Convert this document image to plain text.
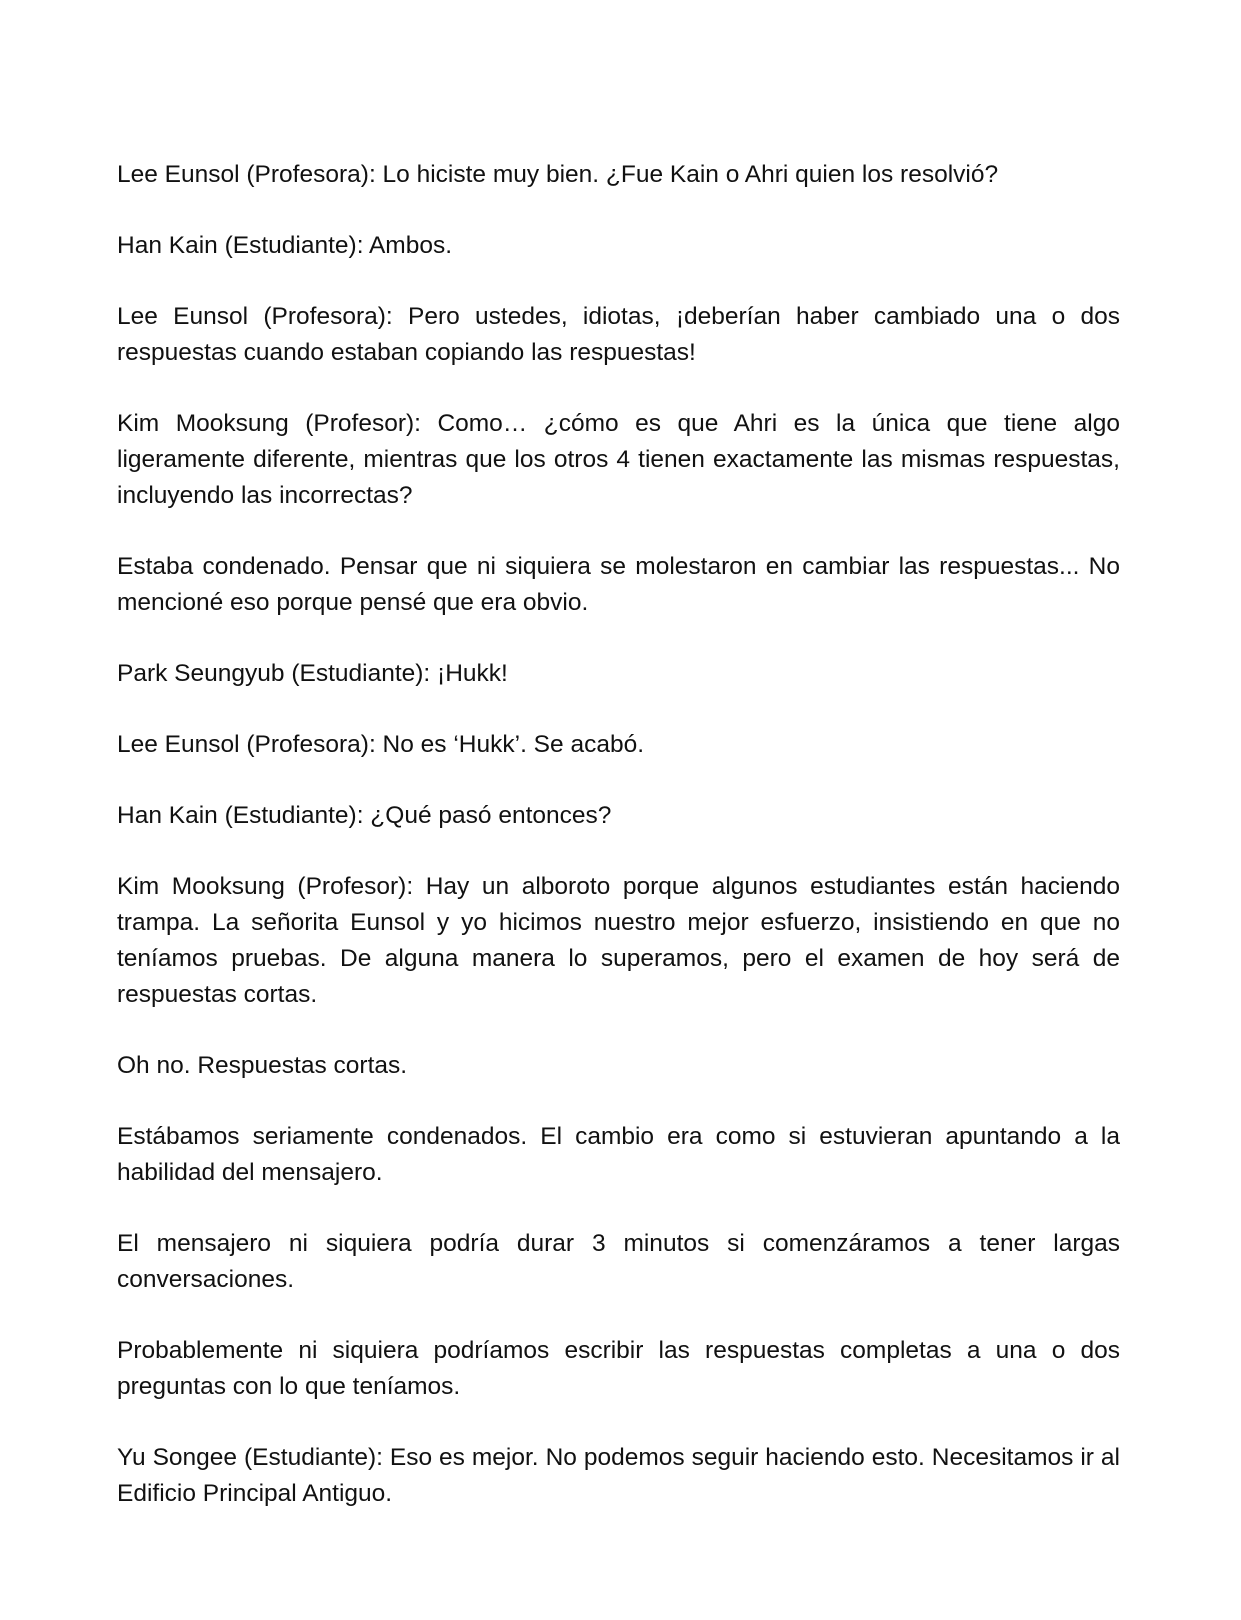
Lee Eunsol (Profesora): Lo hiciste muy bien. ¿Fue Kain o Ahri quien los resolvió?

Han Kain (Estudiante): Ambos.

Lee Eunsol (Profesora): Pero ustedes, idiotas, ¡deberían haber cambiado una o dos respuestas cuando estaban copiando las respuestas!

Kim Mooksung (Profesor): Como… ¿cómo es que Ahri es la única que tiene algo ligeramente diferente, mientras que los otros 4 tienen exactamente las mismas respuestas, incluyendo las incorrectas?

Estaba condenado. Pensar que ni siquiera se molestaron en cambiar las respuestas... No mencioné eso porque pensé que era obvio.

Park Seungyub (Estudiante): ¡Hukk!

Lee Eunsol (Profesora): No es ‘Hukk’. Se acabó.

Han Kain (Estudiante): ¿Qué pasó entonces?

Kim Mooksung (Profesor): Hay un alboroto porque algunos estudiantes están haciendo trampa. La señorita Eunsol y yo hicimos nuestro mejor esfuerzo, insistiendo en que no teníamos pruebas. De alguna manera lo superamos, pero el examen de hoy será de respuestas cortas.

Oh no. Respuestas cortas.

Estábamos seriamente condenados. El cambio era como si estuvieran apuntando a la habilidad del mensajero.

El mensajero ni siquiera podría durar 3 minutos si comenzáramos a tener largas conversaciones.

Probablemente ni siquiera podríamos escribir las respuestas completas a una o dos preguntas con lo que teníamos.

Yu Songee (Estudiante): Eso es mejor. No podemos seguir haciendo esto. Necesitamos ir al Edificio Principal Antiguo.
